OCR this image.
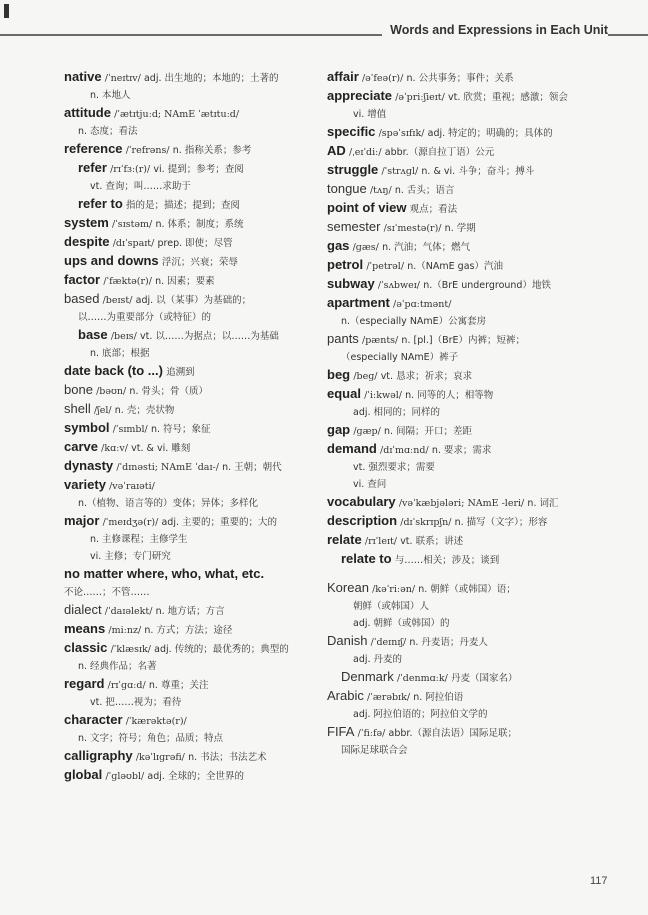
Words and Expressions in Each Unit
native /ˈneɪtɪv/ adj. 出生地的；本地的；土著的
n. 本地人
attitude /ˈætɪtjuːd; NAmE ˈætɪtuːd/
n. 态度；看法
reference /ˈrefrəns/ n. 指称关系；参考
refer /rɪˈfɜː(r)/ vi. 提到；参考；查阅
vt. 查询；叫……求助于
refer to 指的是；描述；提到；查阅
system /ˈsɪstəm/ n. 体系；制度；系统
despite /dɪˈspaɪt/ prep. 即使；尽管
ups and downs 浮沉；兴衰；荣辱
factor /ˈfæktə(r)/ n. 因素；要素
based /beɪst/ adj. 以（某事）为基础的；
以……为重要部分（或特征）的
base /beɪs/ vt. 以……为据点；以……为基础
n. 底部；根据
date back (to ...) 追溯到
bone /bəʊn/ n. 骨头；骨（质）
shell /ʃel/ n. 壳；壳状物
symbol /ˈsɪmbl/ n. 符号；象征
carve /kɑːv/ vt. & vi. 雕刻
dynasty /ˈdɪnəsti; NAmE ˈdaɪ-/ n. 王朝；朝代
variety /vəˈraɪəti/
n.（植物、语言等的）变体；异体；多样化
major /ˈmeɪdʒə(r)/ adj. 主要的；重要的；大的
n. 主修课程；主修学生
vi. 主修；专门研究
no matter where, who, what, etc.
不论……；不管……
dialect /ˈdaɪəlekt/ n. 地方话；方言
means /miːnz/ n. 方式；方法；途径
classic /ˈklæsɪk/ adj. 传统的；最优秀的；典型的
n. 经典作品；名著
regard /rɪˈɡɑːd/ n. 尊重；关注
vt. 把……视为；看待
character /ˈkærəktə(r)/
n. 文字；符号；角色；品质；特点
calligraphy /kəˈlɪɡrəfi/ n. 书法；书法艺术
global /ˈɡləʊbl/ adj. 全球的；全世界的
affair /əˈfeə(r)/ n. 公共事务；事件；关系
appreciate /əˈpriːʃieɪt/ vt. 欣赏；重视；感激；领会
vi. 增值
specific /spəˈsɪfɪk/ adj. 特定的；明确的；具体的
AD /ˌeɪˈdiː/ abbr.（源自拉丁语）公元
struggle /ˈstrʌɡl/ n. & vi. 斗争；奋斗；搏斗
tongue /tʌŋ/ n. 舌头；语言
point of view 观点；看法
semester /sɪˈmestə(r)/ n. 学期
gas /ɡæs/ n. 汽油；气体；燃气
petrol /ˈpetrəl/ n.（NAmE gas）汽油
subway /ˈsʌbweɪ/ n.（BrE underground）地铁
apartment /əˈpɑːtmənt/
n.（especially NAmE）公寓套房
pants /pænts/ n. [pl.]（BrE）内裤；短裤；
（especially NAmE）裤子
beg /beɡ/ vt. 恳求；祈求；哀求
equal /ˈiːkwəl/ n. 同等的人；相等物
adj. 相同的；同样的
gap /ɡæp/ n. 间隔；开口；差距
demand /dɪˈmɑːnd/ n. 要求；需求
vt. 强烈要求；需要
vi. 查问
vocabulary /vəˈkæbjələri; NAmE -leri/ n. 词汇
description /dɪˈskrɪpʃn/ n. 描写（文字）；形容
relate /rɪˈleɪt/ vt. 联系；讲述
relate to 与……相关；涉及；谈到
Korean /kəˈriːən/ n. 朝鲜（或韩国）语；
朝鲜（或韩国）人
adj. 朝鲜（或韩国）的
Danish /ˈdeɪnɪʃ/ n. 丹麦语；丹麦人
adj. 丹麦的
Denmark /ˈdenmɑːk/ 丹麦（国家名）
Arabic /ˈærəbɪk/ n. 阿拉伯语
adj. 阿拉伯语的；阿拉伯文学的
FIFA /ˈfiːfə/ abbr.（源自法语）国际足联；
国际足球联合会
117
